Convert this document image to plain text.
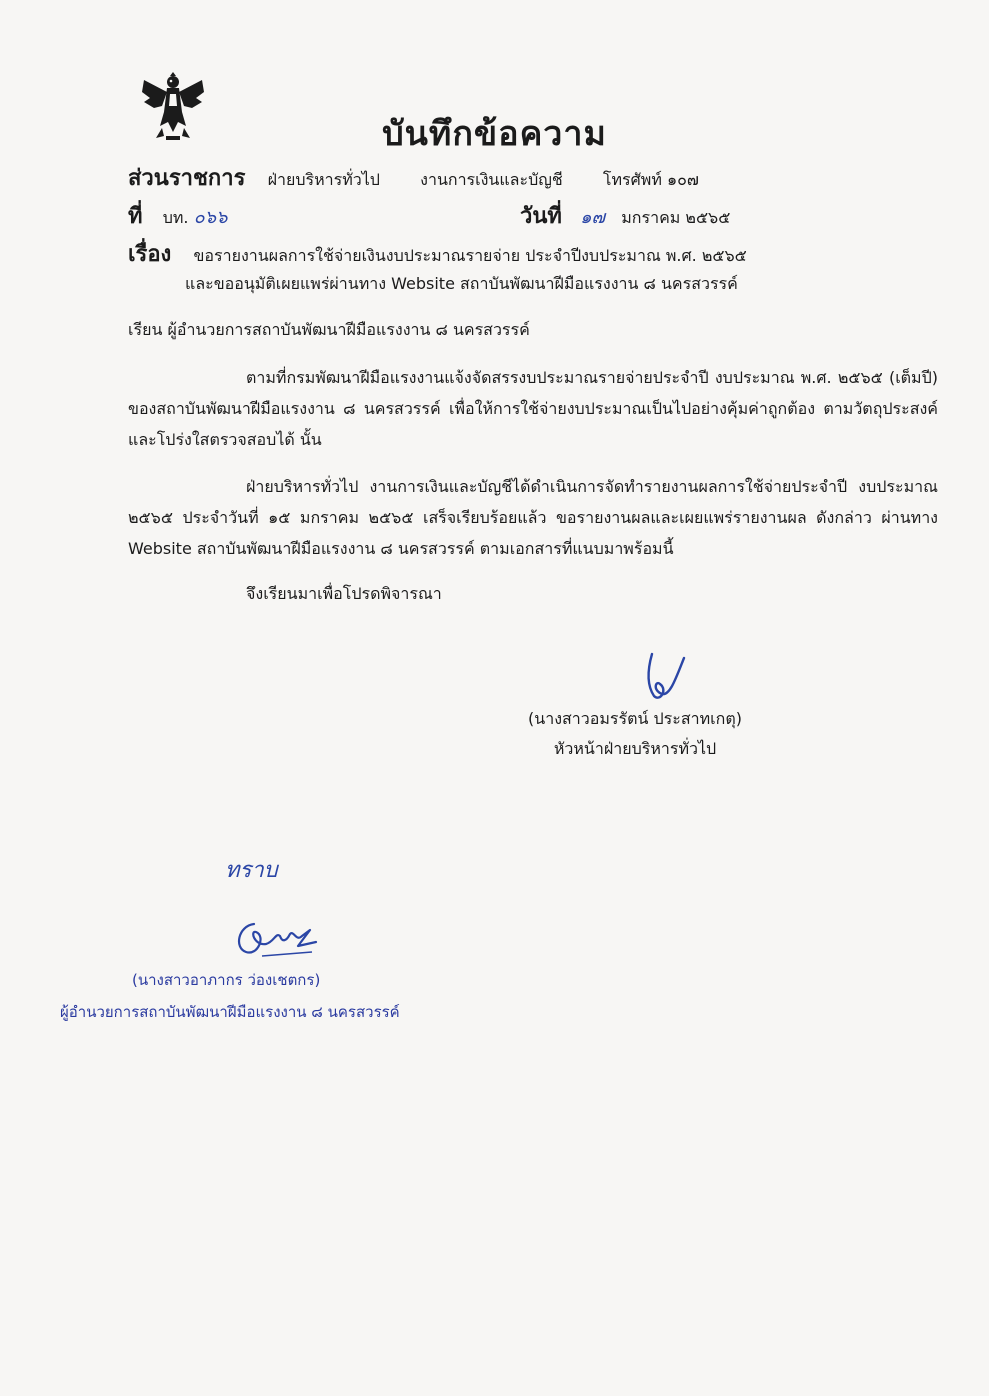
บันทึกข้อความ
ส่วนราชการ ฝ่ายบริหารทั่วไป	งานการเงินและบัญชี	โทรศัพท์ ๑๐๗
ที่ บท. ๐๖๖	วันที่ ๑๗ มกราคม ๒๕๖๕
เรื่อง ขอรายงานผลการใช้จ่ายเงินงบประมาณรายจ่าย ประจำปีงบประมาณ พ.ศ. ๒๕๖๕
และขออนุมัติเผยแพร่ผ่านทาง Website สถาบันพัฒนาฝีมือแรงงาน ๘ นครสวรรค์
เรียน ผู้อำนวยการสถาบันพัฒนาฝีมือแรงงาน ๘ นครสวรรค์
ตามที่กรมพัฒนาฝีมือแรงงานแจ้งจัดสรรงบประมาณรายจ่ายประจำปี งบประมาณ พ.ศ. ๒๕๖๕ (เต็มปี) ของสถาบันพัฒนาฝีมือแรงงาน ๘ นครสวรรค์ เพื่อให้การใช้จ่ายงบประมาณเป็นไปอย่างคุ้มค่าถูกต้อง ตามวัตถุประสงค์และโปร่งใสตรวจสอบได้ นั้น
ฝ่ายบริหารทั่วไป งานการเงินและบัญชีได้ดำเนินการจัดทำรายงานผลการใช้จ่ายประจำปี งบประมาณ ๒๕๖๕ ประจำวันที่ ๑๕ มกราคม ๒๕๖๕ เสร็จเรียบร้อยแล้ว ขอรายงานผลและเผยแพร่รายงานผล ดังกล่าว ผ่านทาง Website สถาบันพัฒนาฝีมือแรงงาน ๘ นครสวรรค์ ตามเอกสารที่แนบมาพร้อมนี้
จึงเรียนมาเพื่อโปรดพิจารณา
(นางสาวอมรรัตน์ ประสาทเกตุ)
หัวหน้าฝ่ายบริหารทั่วไป
ทราบ
(นางสาวอาภากร ว่องเชตกร)
ผู้อำนวยการสถาบันพัฒนาฝีมือแรงงาน ๘ นครสวรรค์
